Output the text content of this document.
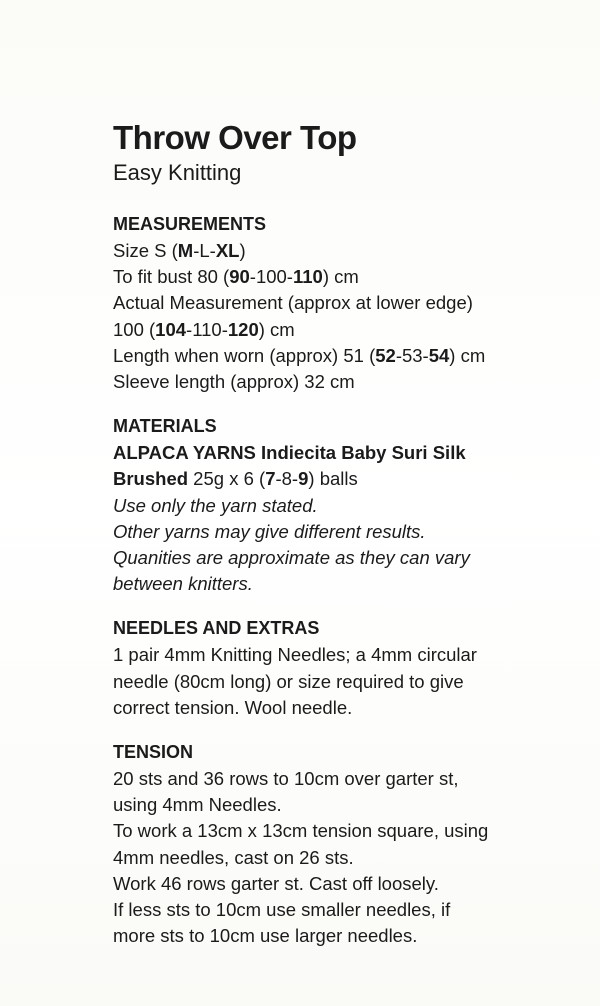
Throw Over Top

Easy Knitting

MEASUREMENTS

Size S (M-L-XL)

To fit bust 80 (90-100-110) cm

Actual Measurement (approx at lower edge)

100 (104-110-120) cm

Length when worn (approx) 51 (52-53-54) cm

Sleeve length (approx) 32 cm

MATERIALS

ALPACA YARNS Indiecita Baby Suri Silk

Brushed 25g x 6 (7-8-9) balls

Use only the yarn stated.

Other yarns may give different results.

Quanities are approximate as they can vary

between knitters.

NEEDLES AND EXTRAS

1 pair 4mm Knitting Needles; a 4mm circular

needle (80cm long) or size required to give

correct tension. Wool needle.

TENSION

20 sts and 36 rows to 10cm over garter st,

using 4mm Needles.

To work a 13cm x 13cm tension square, using

4mm needles, cast on 26 sts.

Work 46 rows garter st. Cast off loosely.

If less sts to 10cm use smaller needles, if

more sts to 10cm use larger needles.
